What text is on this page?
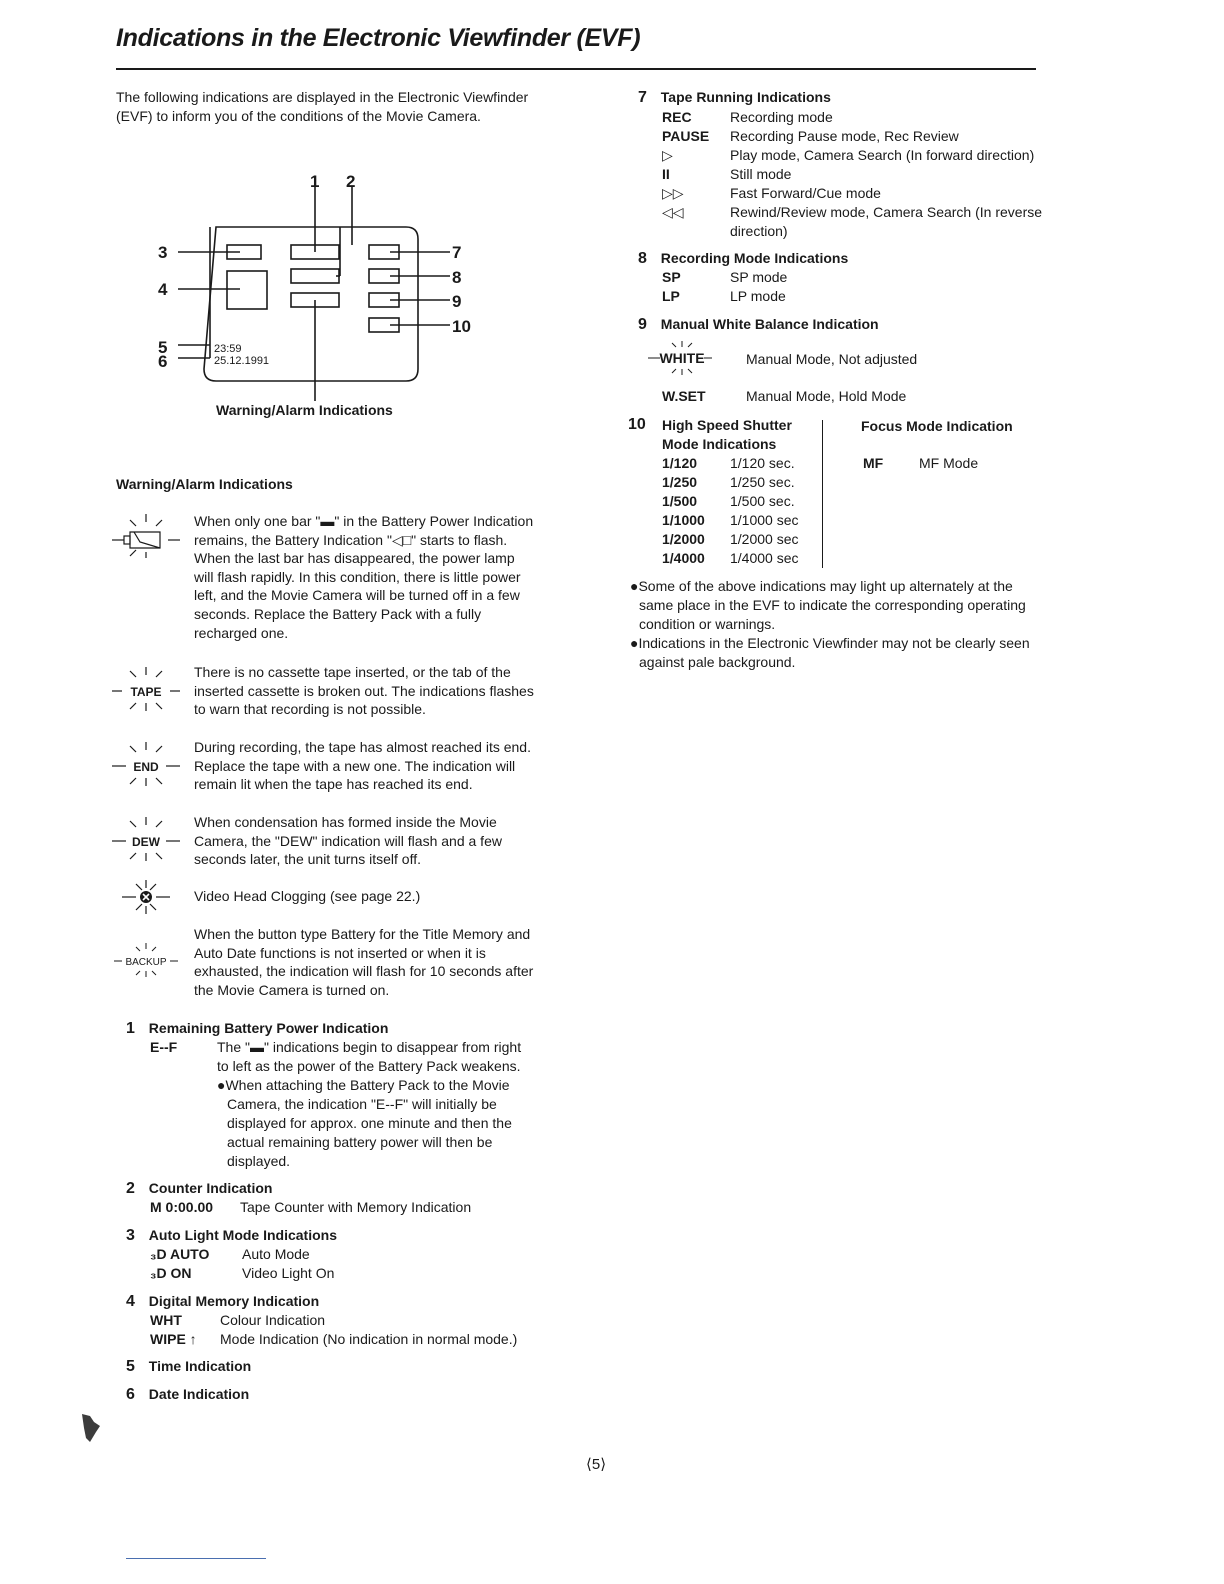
Indications in the Electronic Viewfinder (EVF)
The following indications are displayed in the Electronic Viewfinder
(EVF) to inform you of the conditions of the Movie Camera.
1 2
3
4
5
6
7
8
9
10
23:59
25.12.1991
Warning/Alarm Indications
Warning/Alarm Indications
When only one bar "▬" in the Battery Power Indication
remains, the Battery Indication "◁□" starts to flash.
When the last bar has disappeared, the power lamp
will flash rapidly. In this condition, there is little power
left, and the Movie Camera will be turned off in a few
seconds. Replace the Battery Pack with a fully
recharged one.
TAPE
There is no cassette tape inserted, or the tab of the
inserted cassette is broken out. The indications flashes
to warn that recording is not possible.
END
During recording, the tape has almost reached its end.
Replace the tape with a new one. The indication will
remain lit when the tape has reached its end.
DEW
When condensation has formed inside the Movie
Camera, the "DEW" indication will flash and a few
seconds later, the unit turns itself off.
Video Head Clogging (see page 22.)
BACKUP
When the button type Battery for the Title Memory and
Auto Date functions is not inserted or when it is
exhausted, the indication will flash for 10 seconds after
the Movie Camera is turned on.
1 Remaining Battery Power Indication
E--F	The "▬" indications begin to disappear from right
to left as the power of the Battery Pack weakens.
●When attaching the Battery Pack to the Movie
Camera, the indication "E--F" will initially be
displayed for approx. one minute and then the
actual remaining battery power will then be
displayed.
2 Counter Indication
M 0:00.00 Tape Counter with Memory Indication
3 Auto Light Mode Indications
₃D AUTO Auto Mode
₃D ON	Video Light On
4 Digital Memory Indication
WHT	Colour Indication
WIPE ↑ Mode Indication (No indication in normal mode.)
5 Time Indication
6 Date Indication
7 Tape Running Indications
REC	Recording mode
PAUSE Recording Pause mode, Rec Review
▷	Play mode, Camera Search (In forward direction)
II	Still mode
▷▷	Fast Forward/Cue mode
◁◁	Rewind/Review mode, Camera Search (In reverse
direction)
8 Recording Mode Indications
SP	SP mode
LP	LP mode
9 Manual White Balance Indication
WHITE	Manual Mode, Not adjusted
W.SET	Manual Mode, Hold Mode
10 High Speed Shutter
Mode Indications
1/120 1/120 sec.
1/250 1/250 sec.
1/500 1/500 sec.
1/1000 1/1000 sec
1/2000 1/2000 sec
1/4000 1/4000 sec
Focus Mode Indication
MF	MF Mode
●Some of the above indications may light up alternately at the
same place in the EVF to indicate the corresponding operating
condition or warnings.
●Indications in the Electronic Viewfinder may not be clearly seen
against pale background.
⟨5⟩
